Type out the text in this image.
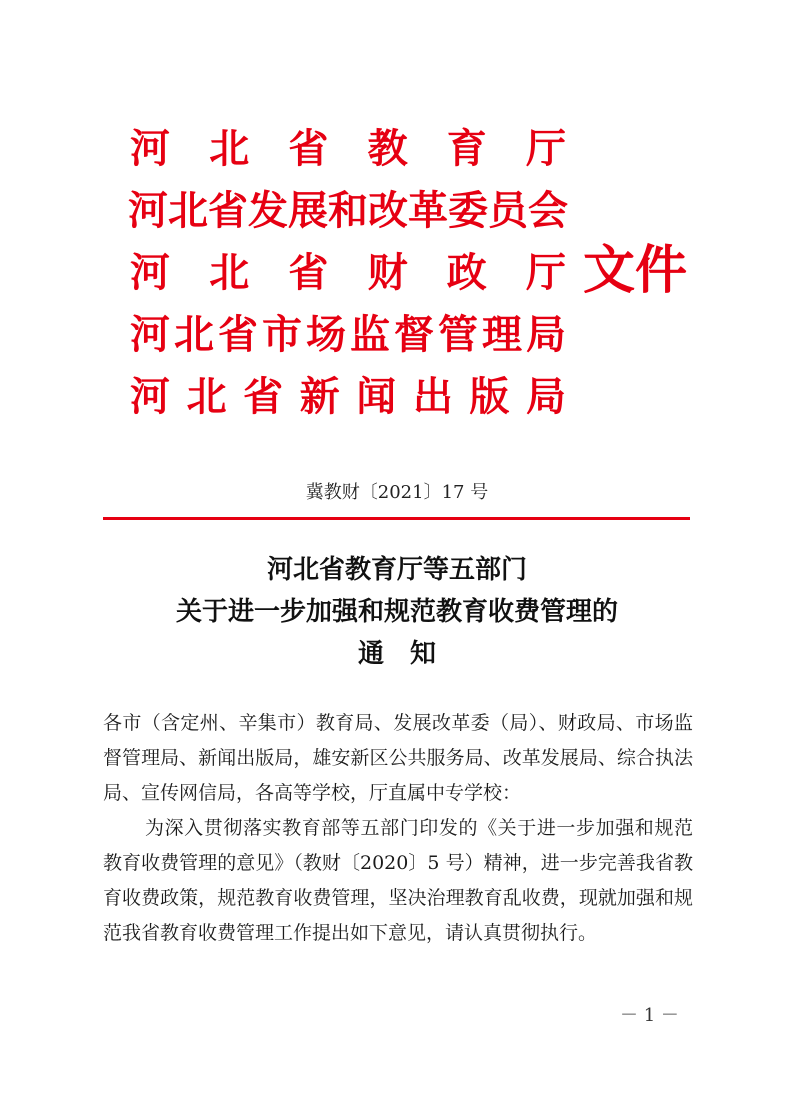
河 北 省 教 育 厅
河 北 省 发 展 和 改 革 委 员 会
河 北 省 财 政 厅
河 北 省 市 场 监 督 管 理 局
河 北 省 新 闻 出 版 局
文件
冀教财〔2021〕17 号
河北省教育厅等五部门
关于进一步加强和规范教育收费管理的
通　知

各市（含定州、辛集市）教育局、发展改革委（局）、财政局、市场监督管理局、新闻出版局，雄安新区公共服务局、改革发展局、综合执法局、宣传网信局，各高等学校，厅直属中专学校：

为深入贯彻落实教育部等五部门印发的《关于进一步加强和规范教育收费管理的意见》（教财〔2020〕5 号）精神，进一步完善我省教育收费政策，规范教育收费管理，坚决治理教育乱收费，现就加强和规范我省教育收费管理工作提出如下意见，请认真贯彻执行。

－ 1 －
